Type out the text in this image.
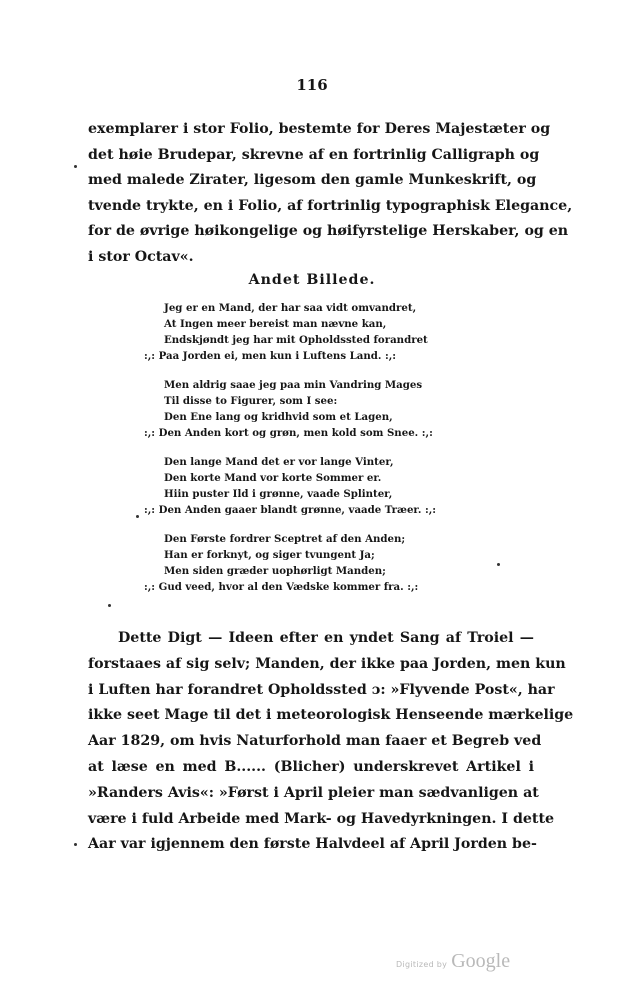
116
exemplarer i stor Folio, bestemte for Deres Majestæter og
det høie Brudepar, skrevne af en fortrinlig Calligraph og
med malede Zirater, ligesom den gamle Munkeskrift, og
tvende trykte, en i Folio, af fortrinlig typographisk Elegance,
for de øvrige høikongelige og høifyrstelige Herskaber, og en
i stor Octav«.
Andet Billede.
Jeg er en Mand, der har saa vidt omvandret,
At Ingen meer bereist man nævne kan,
Endskjøndt jeg har mit Opholdssted forandret
:,: Paa Jorden ei, men kun i Luftens Land. :,:
Men aldrig saae jeg paa min Vandring Mages
Til disse to Figurer, som I see:
Den Ene lang og kridhvid som et Lagen,
:,: Den Anden kort og grøn, men kold som Snee. :,:
Den lange Mand det er vor lange Vinter,
Den korte Mand vor korte Sommer er.
Hiin puster Ild i grønne, vaade Splinter,
:,: Den Anden gaaer blandt grønne, vaade Træer. :,:
Den Første fordrer Sceptret af den Anden;
Han er forknyt, og siger tvungent Ja;
Men siden græder uophørligt Manden;
:,: Gud veed, hvor al den Vædske kommer fra. :,:
Dette Digt — Ideen efter en yndet Sang af Troiel —
forstaaes af sig selv; Manden, der ikke paa Jorden, men kun
i Luften har forandret Opholdssted ɔ: »Flyvende Post«, har
ikke seet Mage til det i meteorologisk Henseende mærkelige
Aar 1829, om hvis Naturforhold man faaer et Begreb ved
at læse en med B...... (Blicher) underskrevet Artikel i
»Randers Avis«: »Først i April pleier man sædvanligen at
være i fuld Arbeide med Mark- og Havedyrkningen. I dette
Aar var igjennem den første Halvdeel af April Jorden be-
Digitized by Google
